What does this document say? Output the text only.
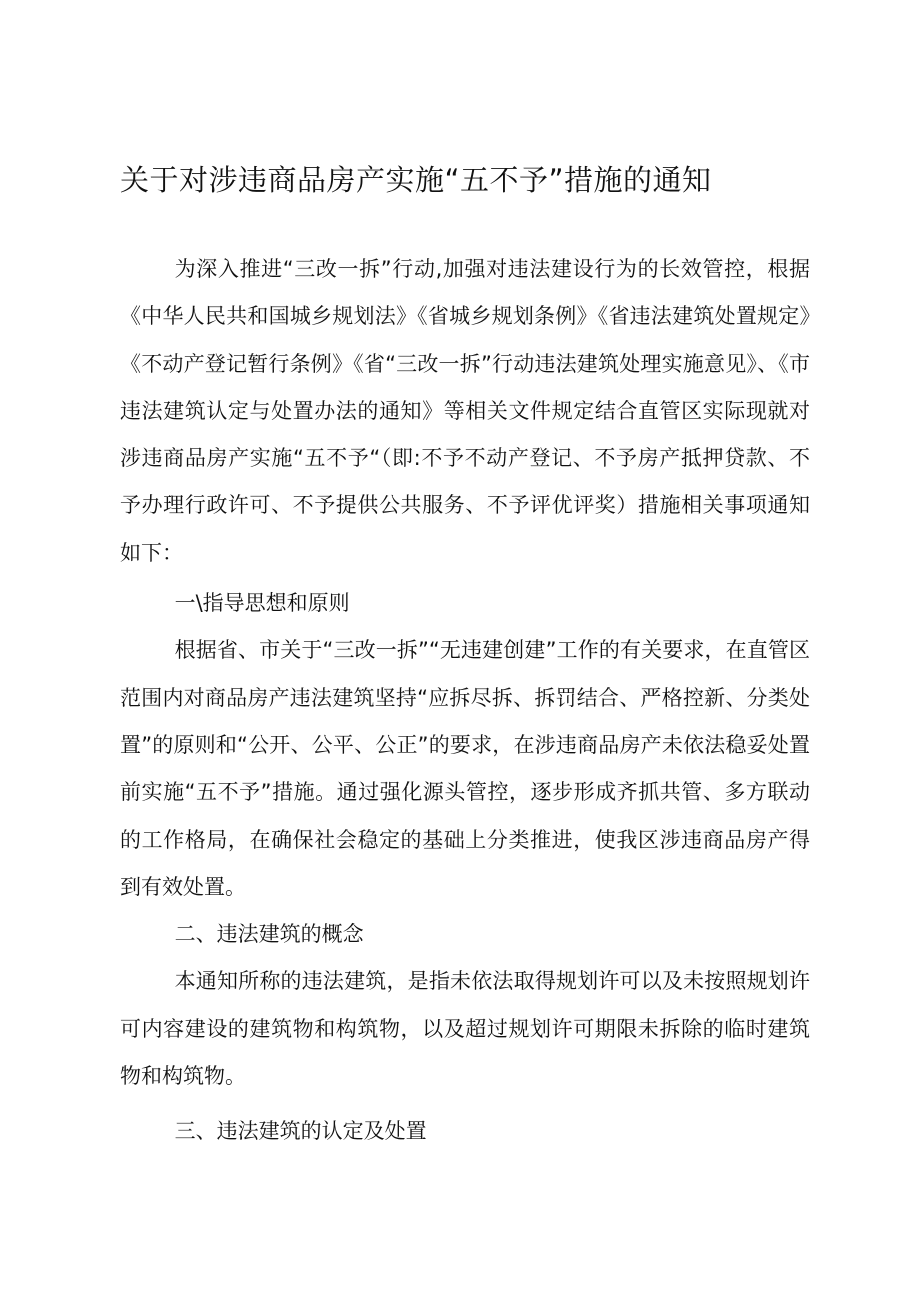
关于对涉违商品房产实施“五不予”措施的通知

为深入推进“三改一拆”行动,加强对违法建设行为的长效管控，根据《中华人民共和国城乡规划法》《省城乡规划条例》《省违法建筑处置规定》《不动产登记暂行条例》《省“三改一拆”行动违法建筑处理实施意见》、《市违法建筑认定与处置办法的通知》等相关文件规定结合直管区实际现就对涉违商品房产实施“五不予“（即:不予不动产登记、不予房产抵押贷款、不予办理行政许可、不予提供公共服务、不予评优评奖）措施相关事项通知如下：

一\指导思想和原则

根据省、市关于“三改一拆”“无违建创建”工作的有关要求，在直管区范围内对商品房产违法建筑坚持“应拆尽拆、拆罚结合、严格控新、分类处置”的原则和“公开、公平、公正”的要求，在涉违商品房产未依法稳妥处置前实施“五不予”措施。通过强化源头管控，逐步形成齐抓共管、多方联动的工作格局，在确保社会稳定的基础上分类推进，使我区涉违商品房产得到有效处置。

二、违法建筑的概念

本通知所称的违法建筑，是指未依法取得规划许可以及未按照规划许可内容建设的建筑物和构筑物，以及超过规划许可期限未拆除的临时建筑物和构筑物。

三、违法建筑的认定及处置
